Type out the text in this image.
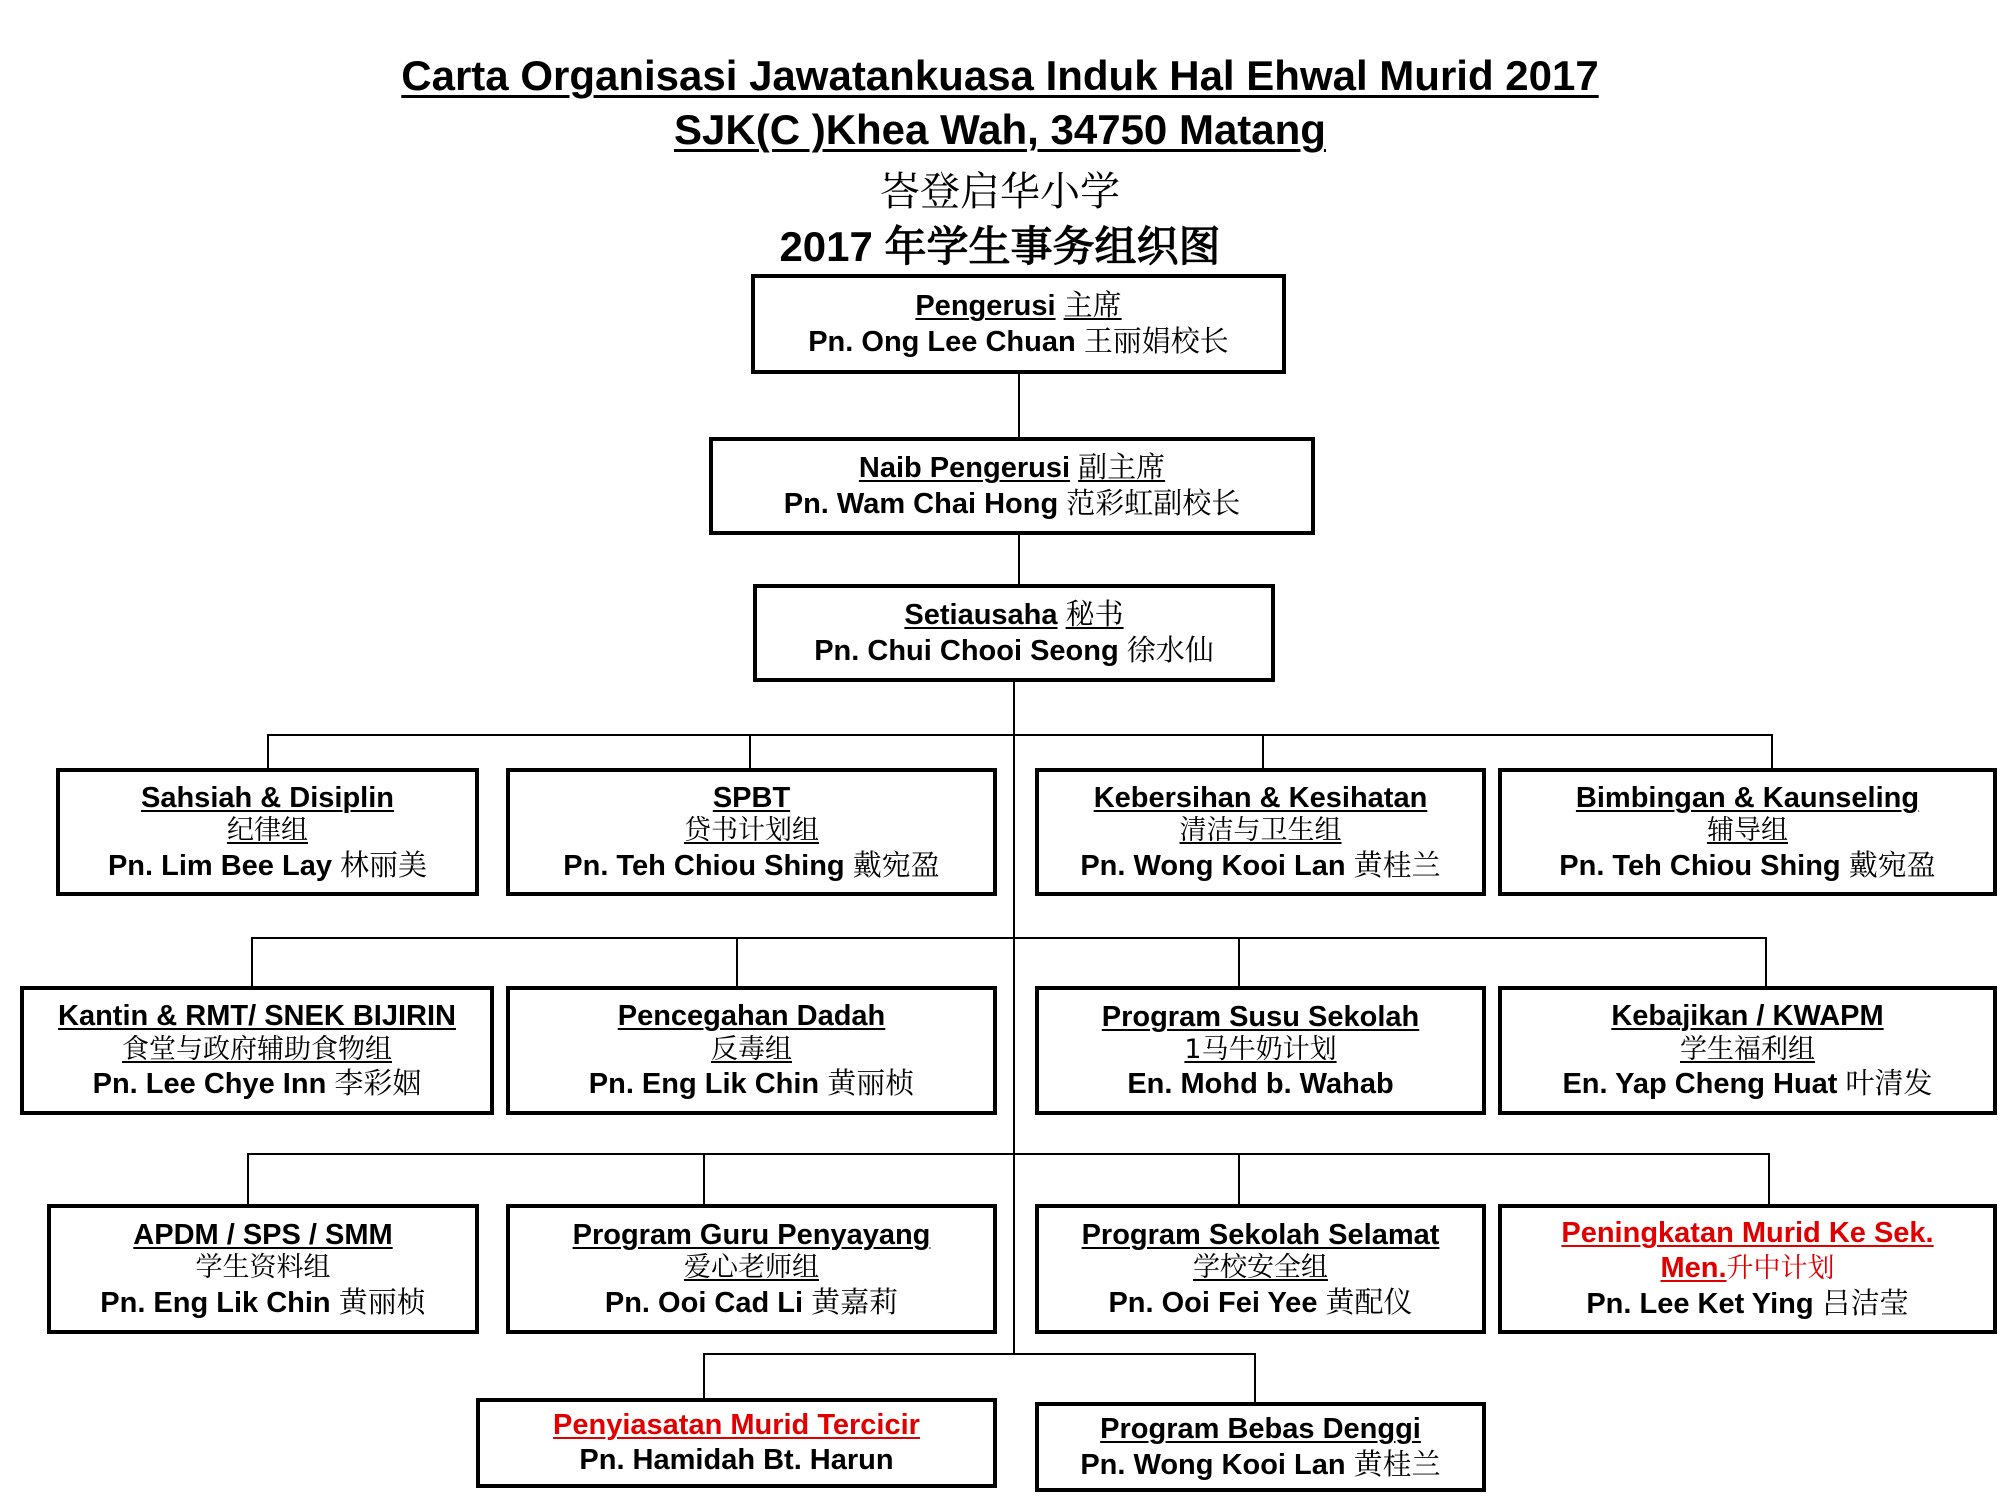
Carta Organisasi Jawatankuasa Induk Hal Ehwal Murid 2017
SJK(C )Khea Wah, 34750 Matang
峇登启华小学
2017 年学生事务组织图
Pengerusi 主席
Pn. Ong Lee Chuan 王丽娟校长
Naib Pengerusi 副主席
Pn. Wam Chai Hong 范彩虹副校长
Setiausaha 秘书
Pn. Chui Chooi Seong 徐水仙
Sahsiah & Disiplin
纪律组
Pn. Lim Bee Lay 林丽美
SPBT
贷书计划组
Pn. Teh Chiou Shing 戴宛盈
Kebersihan & Kesihatan
清洁与卫生组
Pn. Wong Kooi Lan 黄桂兰
Bimbingan & Kaunseling
辅导组
Pn. Teh Chiou Shing 戴宛盈
Kantin & RMT/ SNEK BIJIRIN
食堂与政府辅助食物组
Pn. Lee Chye Inn 李彩姻
Pencegahan Dadah
反毒组
Pn. Eng Lik Chin 黄丽桢
Program Susu Sekolah
1马牛奶计划
En. Mohd b. Wahab
Kebajikan / KWAPM
学生福利组
En. Yap Cheng Huat 叶清发
APDM / SPS / SMM
学生资料组
Pn. Eng Lik Chin 黄丽桢
Program Guru Penyayang
爱心老师组
Pn. Ooi Cad Li 黄嘉莉
Program Sekolah Selamat
学校安全组
Pn. Ooi Fei Yee 黄配仪
Peningkatan Murid Ke Sek.
Men.升中计划
Pn. Lee Ket Ying 吕洁莹
Penyiasatan Murid Tercicir
Pn. Hamidah Bt. Harun
Program Bebas Denggi
Pn. Wong Kooi Lan 黄桂兰
